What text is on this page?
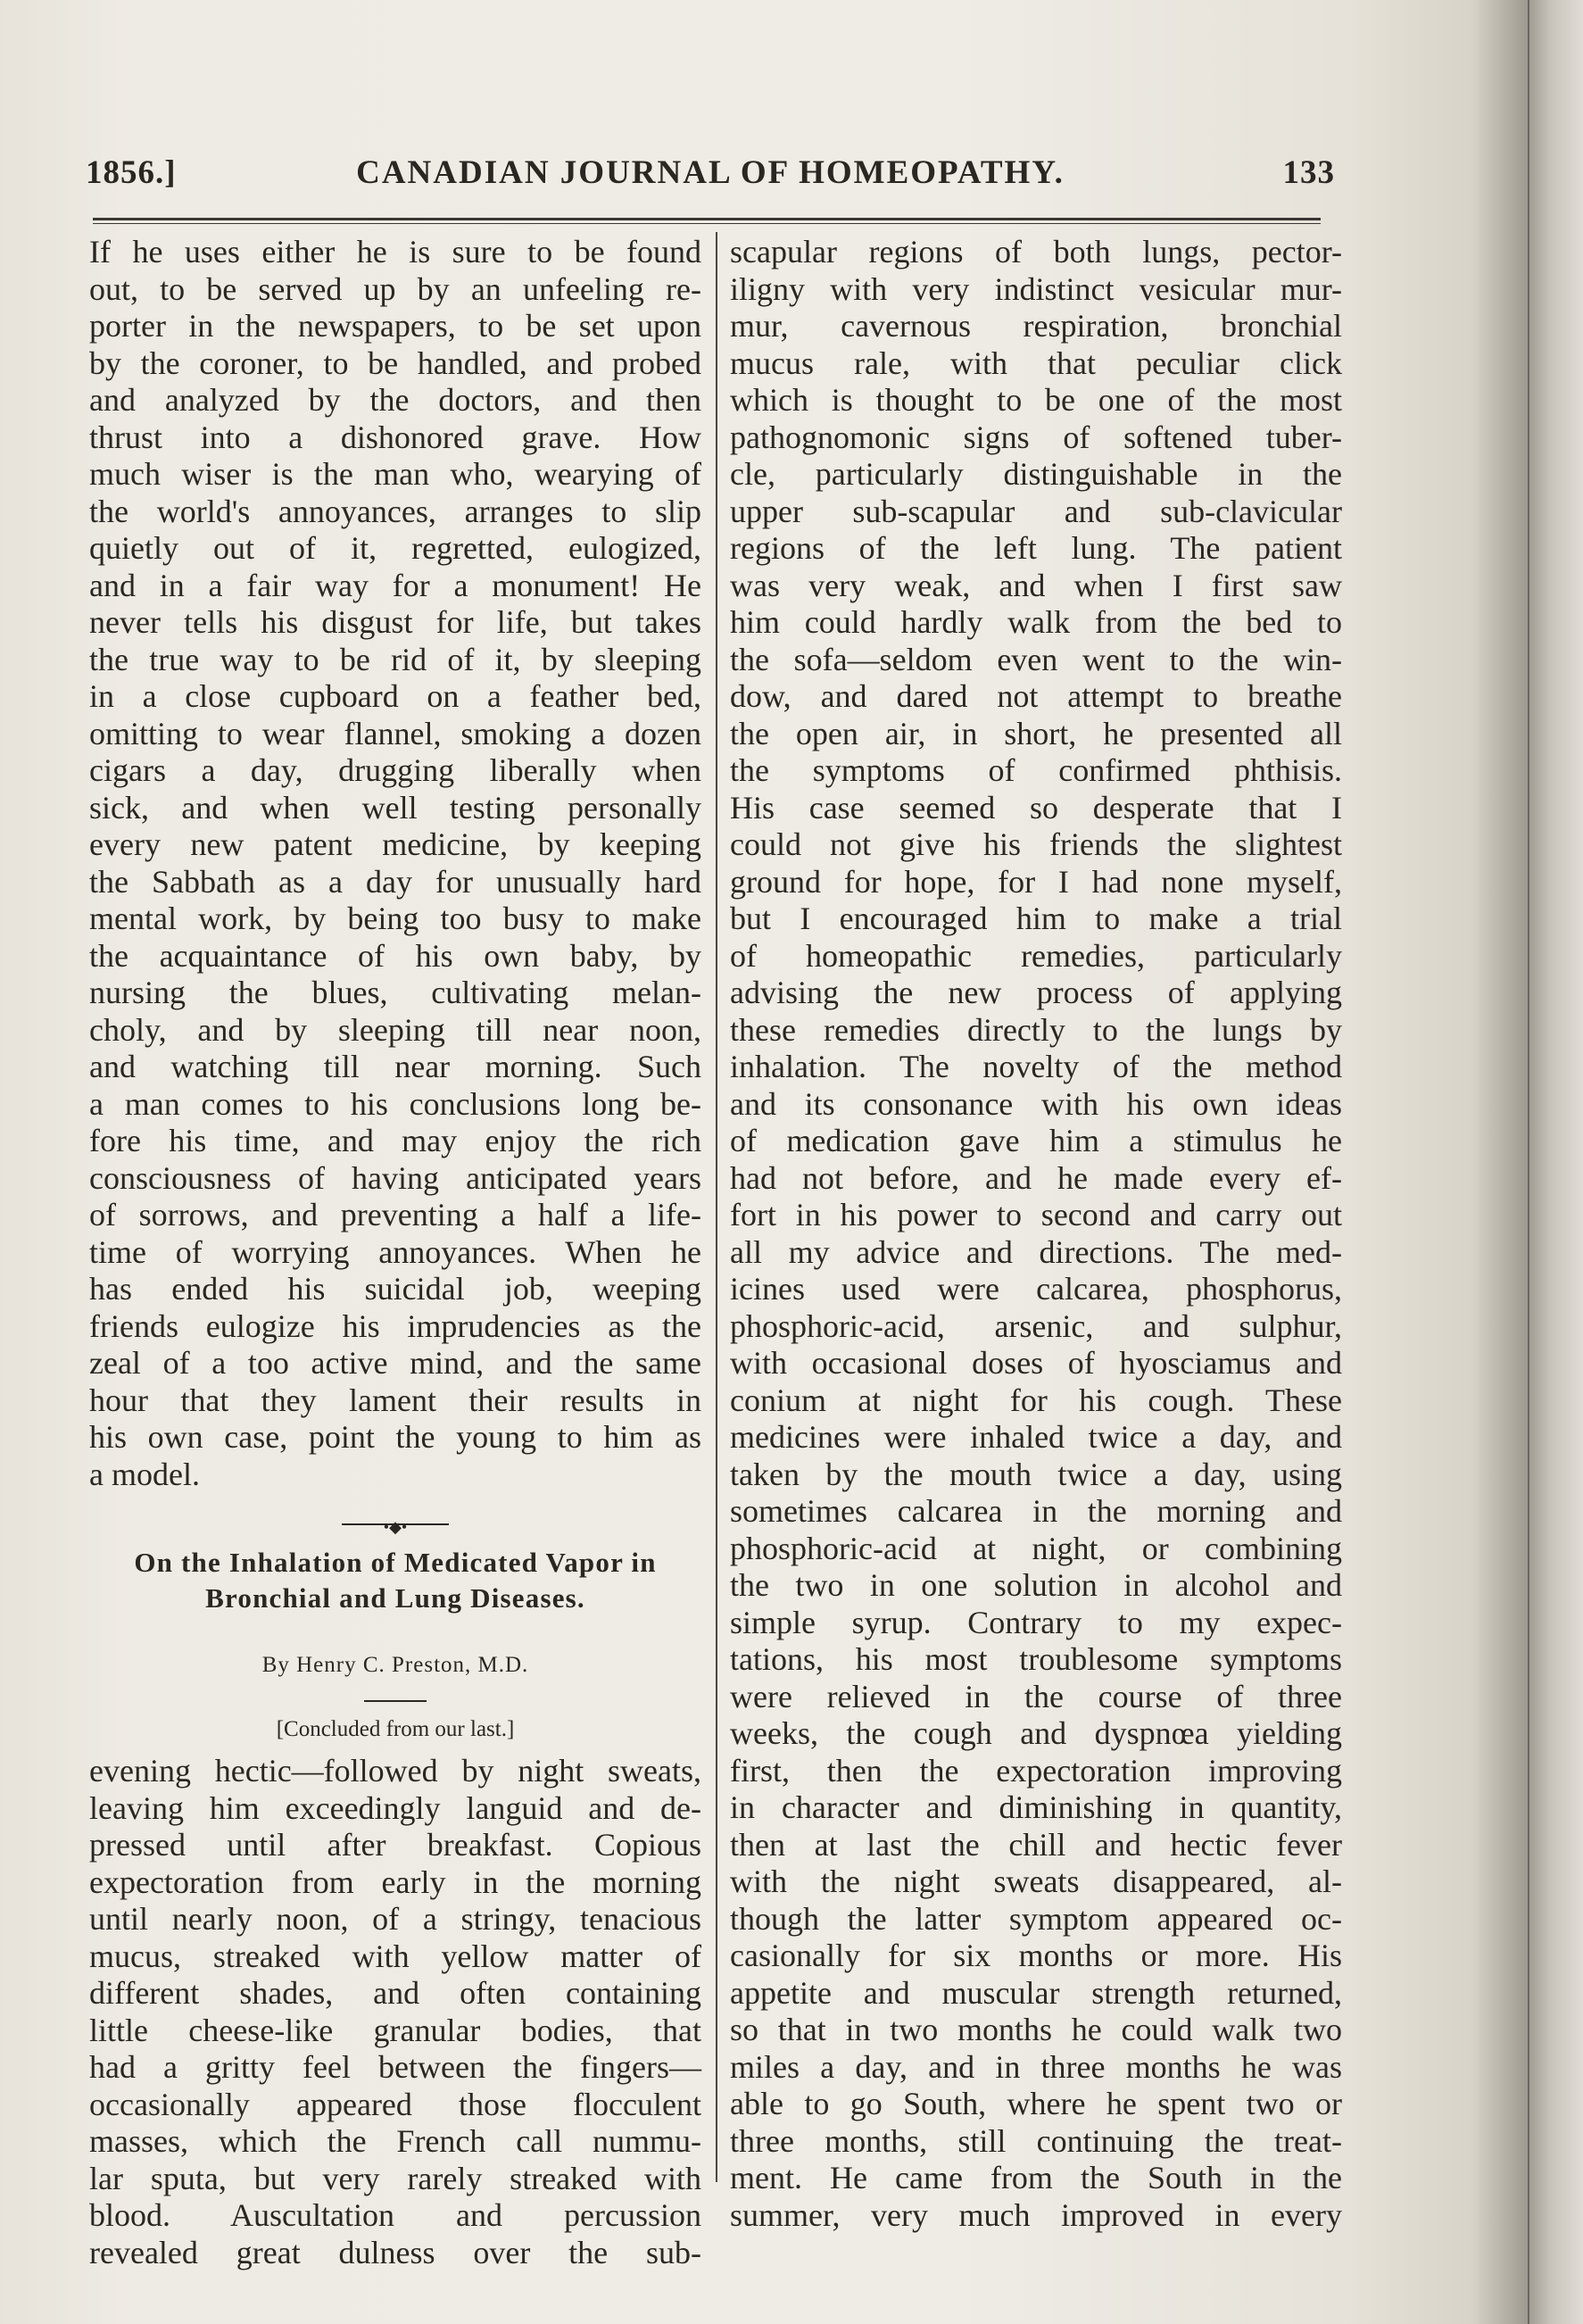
1856.]	CANADIAN JOURNAL OF HOMEOPATHY.	133

If he uses either he is sure to be found
out, to be served up by an unfeeling re-
porter in the newspapers, to be set upon
by the coroner, to be handled, and probed
and analyzed by the doctors, and then
thrust into a dishonored grave. How
much wiser is the man who, wearying of
the world's annoyances, arranges to slip
quietly out of it, regretted, eulogized,
and in a fair way for a monument! He
never tells his disgust for life, but takes
the true way to be rid of it, by sleeping
in a close cupboard on a feather bed,
omitting to wear flannel, smoking a dozen
cigars a day, drugging liberally when
sick, and when well testing personally
every new patent medicine, by keeping
the Sabbath as a day for unusually hard
mental work, by being too busy to make
the acquaintance of his own baby, by
nursing the blues, cultivating melan-
choly, and by sleeping till near noon,
and watching till near morning. Such
a man comes to his conclusions long be-
fore his time, and may enjoy the rich
consciousness of having anticipated years
of sorrows, and preventing a half a life-
time of worrying annoyances. When he
has ended his suicidal job, weeping
friends eulogize his imprudencies as the
zeal of a too active mind, and the same
hour that they lament their results in
his own case, point the young to him as
a model.

•◆•
On the Inhalation of Medicated Vapor in
Bronchial and Lung Diseases.
By Henry C. Preston, M.D.
[Concluded from our last.]

evening hectic—followed by night sweats,
leaving him exceedingly languid and de-
pressed until after breakfast. Copious
expectoration from early in the morning
until nearly noon, of a stringy, tenacious
mucus, streaked with yellow matter of
different shades, and often containing
little cheese-like granular bodies, that
had a gritty feel between the fingers—
occasionally appeared those flocculent
masses, which the French call nummu-
lar sputa, but very rarely streaked with
blood. Auscultation and percussion
revealed great dulness over the sub-

scapular regions of both lungs, pector-
iligny with very indistinct vesicular mur-
mur, cavernous respiration, bronchial
mucus rale, with that peculiar click
which is thought to be one of the most
pathognomonic signs of softened tuber-
cle, particularly distinguishable in the
upper sub-scapular and sub-clavicular
regions of the left lung. The patient
was very weak, and when I first saw
him could hardly walk from the bed to
the sofa—seldom even went to the win-
dow, and dared not attempt to breathe
the open air, in short, he presented all
the symptoms of confirmed phthisis.
His case seemed so desperate that I
could not give his friends the slightest
ground for hope, for I had none myself,
but I encouraged him to make a trial
of homeopathic remedies, particularly
advising the new process of applying
these remedies directly to the lungs by
inhalation. The novelty of the method
and its consonance with his own ideas
of medication gave him a stimulus he
had not before, and he made every ef-
fort in his power to second and carry out
all my advice and directions. The med-
icines used were calcarea, phosphorus,
phosphoric-acid, arsenic, and sulphur,
with occasional doses of hyosciamus and
conium at night for his cough. These
medicines were inhaled twice a day, and
taken by the mouth twice a day, using
sometimes calcarea in the morning and
phosphoric-acid at night, or combining
the two in one solution in alcohol and
simple syrup. Contrary to my expec-
tations, his most troublesome symptoms
were relieved in the course of three
weeks, the cough and dyspnœa yielding
first, then the expectoration improving
in character and diminishing in quantity,
then at last the chill and hectic fever
with the night sweats disappeared, al-
though the latter symptom appeared oc-
casionally for six months or more. His
appetite and muscular strength returned,
so that in two months he could walk two
miles a day, and in three months he was
able to go South, where he spent two or
three months, still continuing the treat-
ment. He came from the South in the
summer, very much improved in every
